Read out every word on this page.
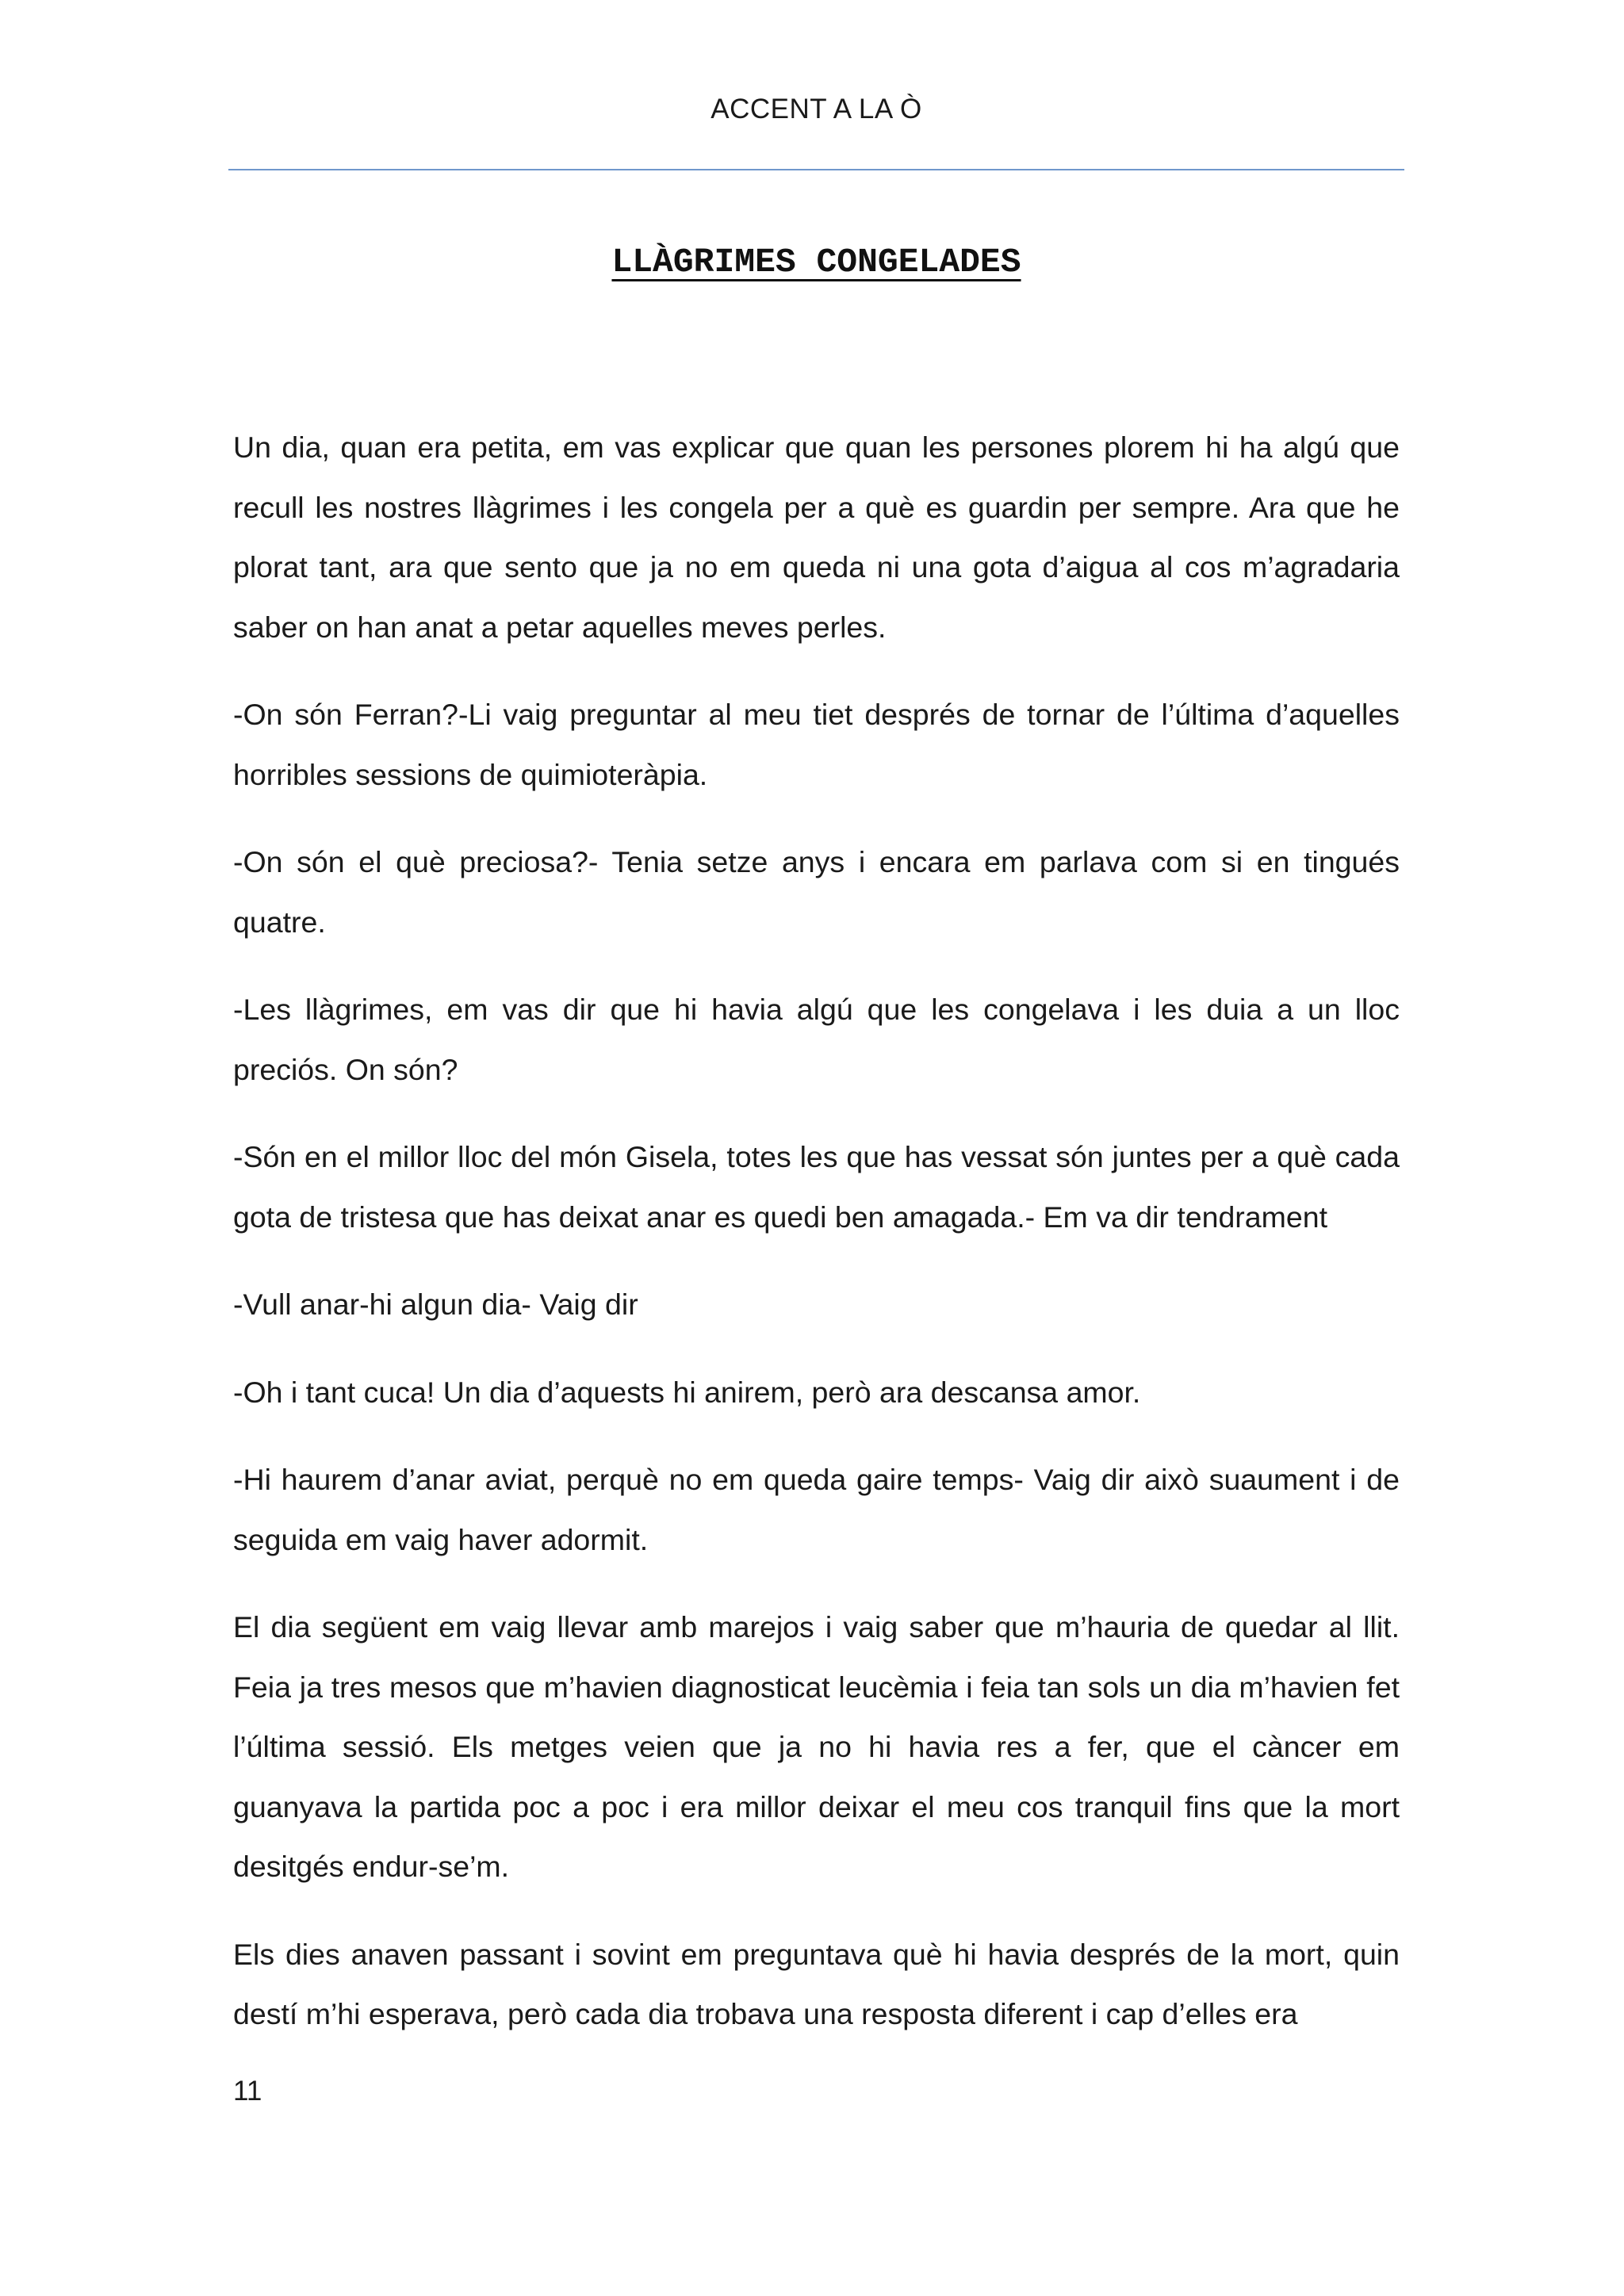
ACCENT A LA Ò
LLÀGRIMES CONGELADES

Un dia, quan era petita, em vas explicar que quan les persones plorem hi ha algú que recull les nostres llàgrimes i les congela per a què es guardin per sempre. Ara que he plorat tant, ara que sento que ja no em queda ni una gota d’aigua al cos m’agradaria saber on han anat a petar aquelles meves perles.

-On són Ferran?-Li vaig preguntar al meu tiet després de tornar de l’última d’aquelles horribles sessions de quimioteràpia.

-On són el què preciosa?- Tenia setze anys i encara em parlava com si en tingués quatre.

-Les llàgrimes, em vas dir que hi havia algú que les congelava i les duia a un lloc preciós. On són?

-Són en el millor lloc del món Gisela, totes les que has vessat són juntes per a què cada gota de tristesa que has deixat anar es quedi ben amagada.- Em va dir tendrament

-Vull anar-hi algun dia- Vaig dir

-Oh i tant cuca! Un dia d’aquests hi anirem, però ara descansa amor.

-Hi haurem d’anar aviat, perquè no em queda gaire temps- Vaig dir això suaument i de seguida em vaig haver adormit.

El dia següent em vaig llevar amb marejos i vaig saber que m’hauria de quedar al llit. Feia ja tres mesos que m’havien diagnosticat leucèmia i feia tan sols un dia m’havien fet l’última sessió. Els metges veien que ja no hi havia res a fer, que el càncer em guanyava la partida poc a poc i era millor deixar el meu cos tranquil fins que la mort desitgés endur-se’m.

Els dies anaven passant i sovint em preguntava què hi havia després de la mort, quin destí m’hi esperava, però cada dia trobava una resposta diferent i cap d’elles era

11
